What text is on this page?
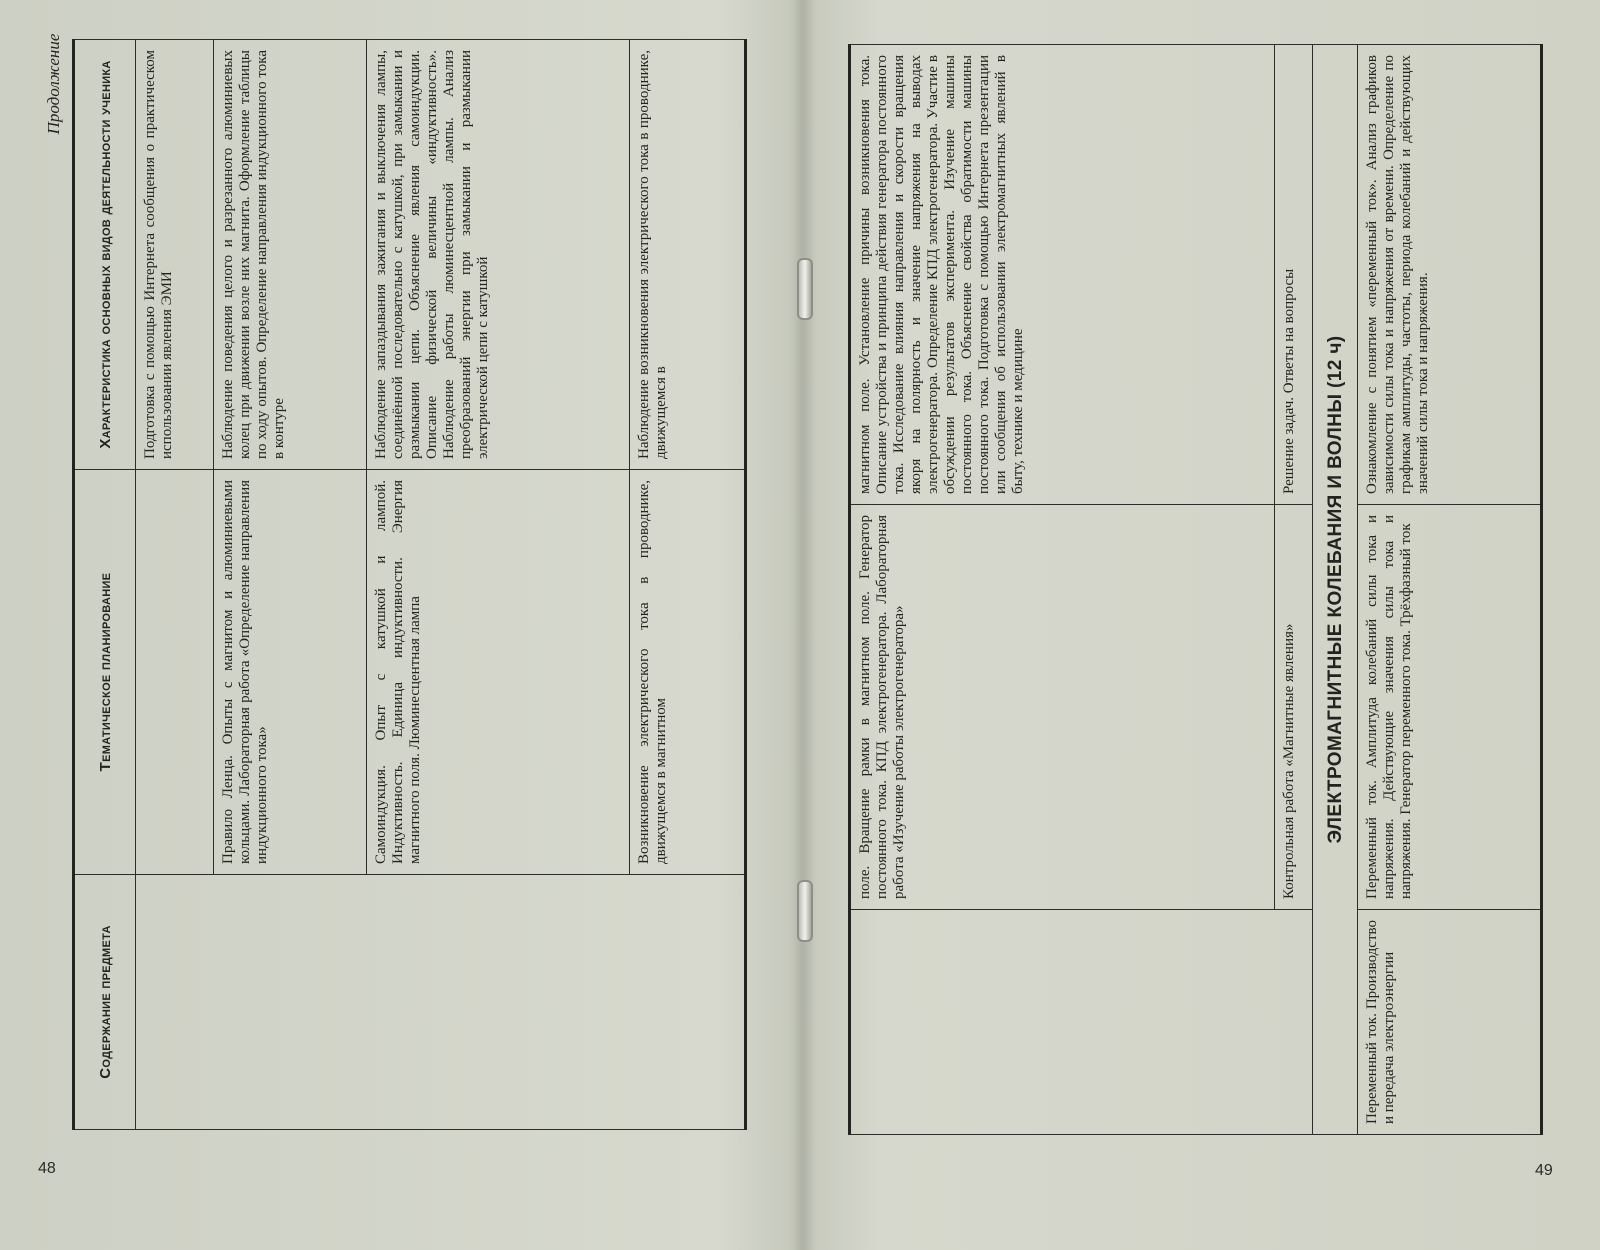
Продолжение
48	49
Содержание предмета	Тематическое планирование	Характеристика основных видов деятельности ученика
		Подготовка с помощью Интернета сообщения о практическом использовании явления ЭМИ
	Правило Ленца. Опыты с магнитом и алюминиевыми кольцами. Лабораторная работа «Определение направления индукционного тока»	Наблюдение поведения целого и разрезанного алюминиевых колец при движении возле них магнита. Оформление таблицы по ходу опытов. Определение направления индукционного тока в контуре
	Самоиндукция. Опыт с катушкой и лампой. Индуктивность. Единица индуктивности. Энергия магнитного поля. Люминесцентная лампа	Наблюдение запаздывания зажигания и выключения лампы, соединённой последовательно с катушкой, при замыкании и размыкании цепи. Объяснение явления самоиндукции. Описание физической величины «индуктивность». Наблюдение работы люминесцентной лампы. Анализ преобразований энергии при замыкании и размыкании электрической цепи с катушкой
	Возникновение электрического тока в проводнике, движущемся в магнитном	Наблюдение возникновения электрического тока в проводнике, движущемся в
	поле. Вращение рамки в магнитном поле. Генератор постоянного тока. КПД электрогенератора. Лабораторная работа «Изучение работы электрогенератора»	магнитном поле. Установление причины возникновения тока. Описание устройства и принципа действия генератора постоянного тока. Исследование влияния направления и скорости вращения якоря на полярность и значение напряжения на выводах электрогенератора. Определение КПД электрогенератора. Участие в обсуждении результатов эксперимента. Изучение машины постоянного тока. Объяснение свойства обратимости машины постоянного тока. Подготовка с помощью Интернета презентации или сообщения об использовании электромагнитных явлений в быту, технике и медицине
	Контрольная работа «Магнитные явления»	Решение задач. Ответы на вопросы
ЭЛЕКТРОМАГНИТНЫЕ КОЛЕБАНИЯ И ВОЛНЫ (12 ч)		
Переменный ток. Производство и передача электроэнергии	Переменный ток. Амплитуда колебаний силы тока и напряжения. Действующие значения силы тока и напряжения. Генератор переменного тока. Трёхфазный ток	Ознакомление с понятием «переменный ток». Анализ графиков зависимости силы тока и напряжения от времени. Определение по графикам амплитуды, частоты, периода колебаний и действующих значений силы тока и напряжения.
